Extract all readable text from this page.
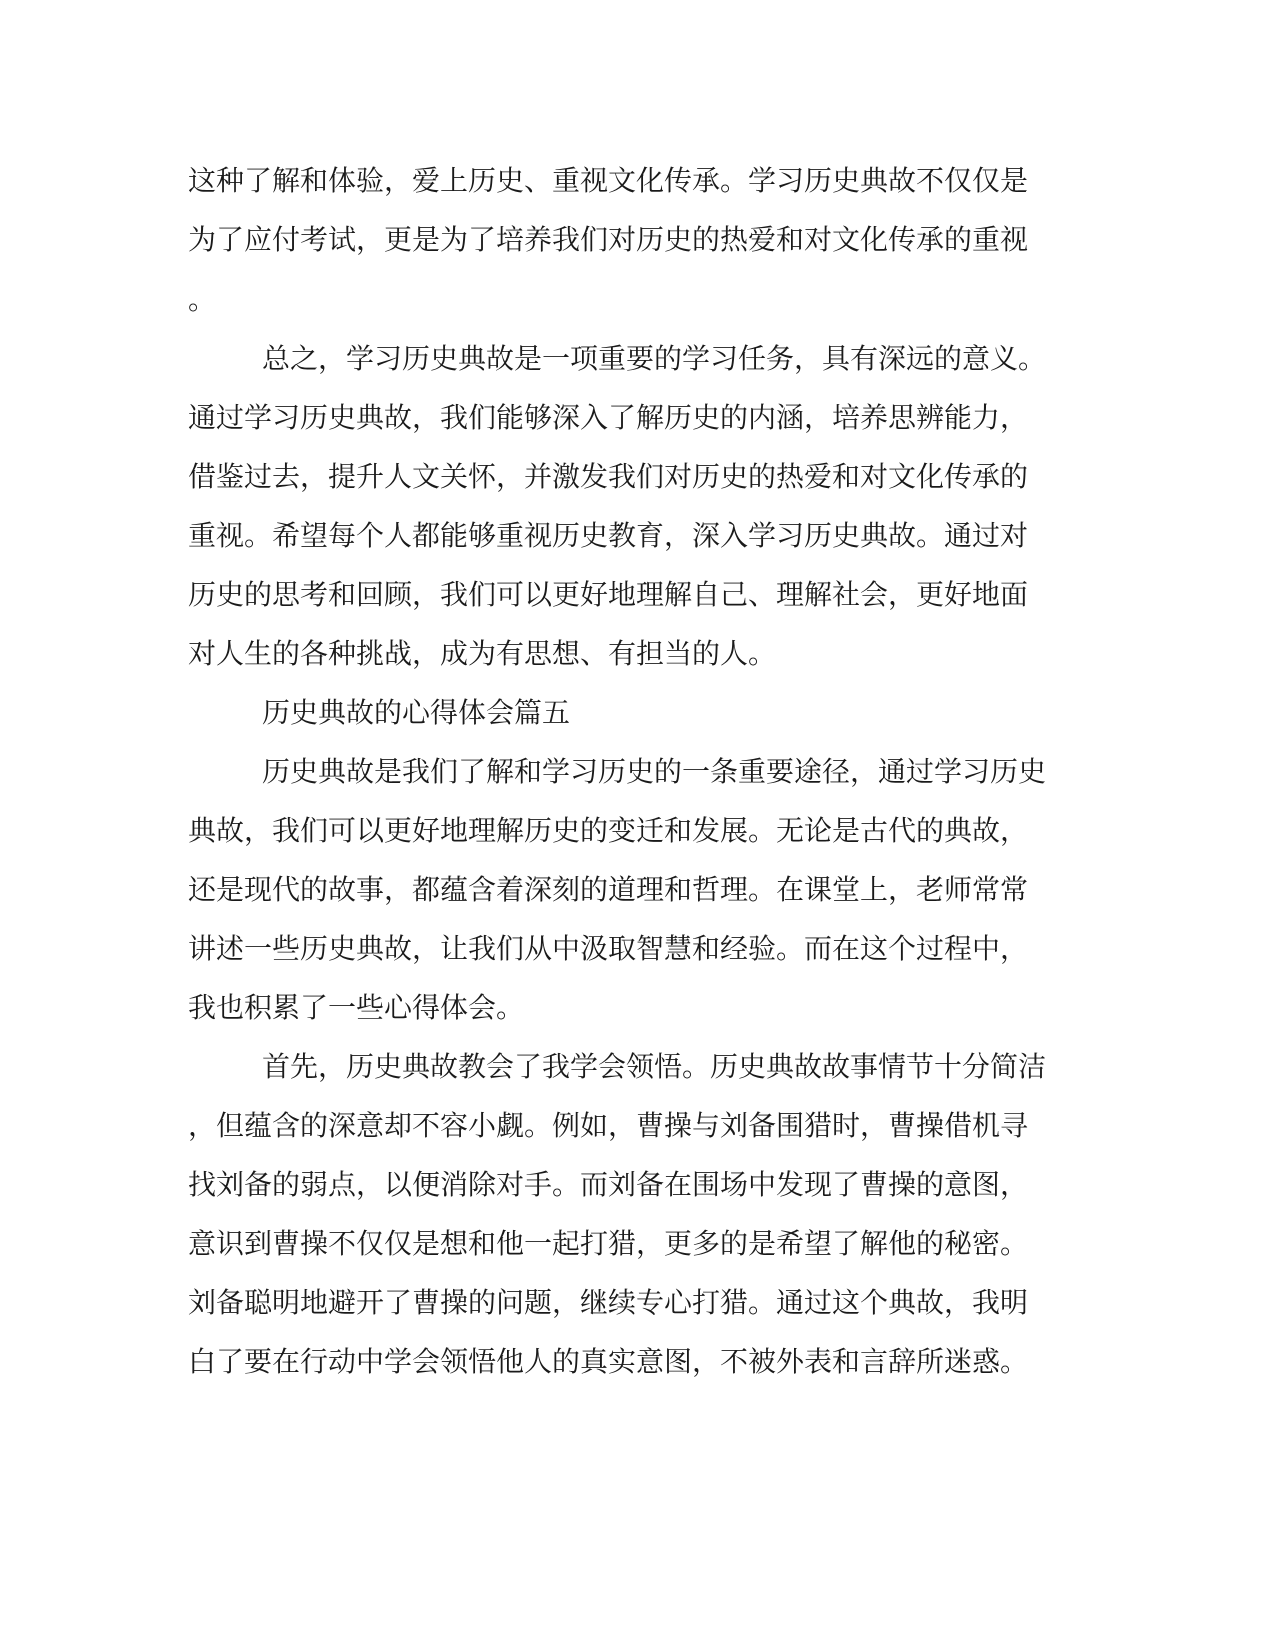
这种了解和体验，爱上历史、重视文化传承。学习历史典故不仅仅是

为了应付考试，更是为了培养我们对历史的热爱和对文化传承的重视

。

总之，学习历史典故是一项重要的学习任务，具有深远的意义。

通过学习历史典故，我们能够深入了解历史的内涵，培养思辨能力，

借鉴过去，提升人文关怀，并激发我们对历史的热爱和对文化传承的

重视。希望每个人都能够重视历史教育，深入学习历史典故。通过对

历史的思考和回顾，我们可以更好地理解自己、理解社会，更好地面

对人生的各种挑战，成为有思想、有担当的人。

历史典故的心得体会篇五

历史典故是我们了解和学习历史的一条重要途径，通过学习历史

典故，我们可以更好地理解历史的变迁和发展。无论是古代的典故，

还是现代的故事，都蕴含着深刻的道理和哲理。在课堂上，老师常常

讲述一些历史典故，让我们从中汲取智慧和经验。而在这个过程中，

我也积累了一些心得体会。

首先，历史典故教会了我学会领悟。历史典故故事情节十分简洁

，但蕴含的深意却不容小觑。例如，曹操与刘备围猎时，曹操借机寻

找刘备的弱点，以便消除对手。而刘备在围场中发现了曹操的意图，

意识到曹操不仅仅是想和他一起打猎，更多的是希望了解他的秘密。

刘备聪明地避开了曹操的问题，继续专心打猎。通过这个典故，我明

白了要在行动中学会领悟他人的真实意图，不被外表和言辞所迷惑。
